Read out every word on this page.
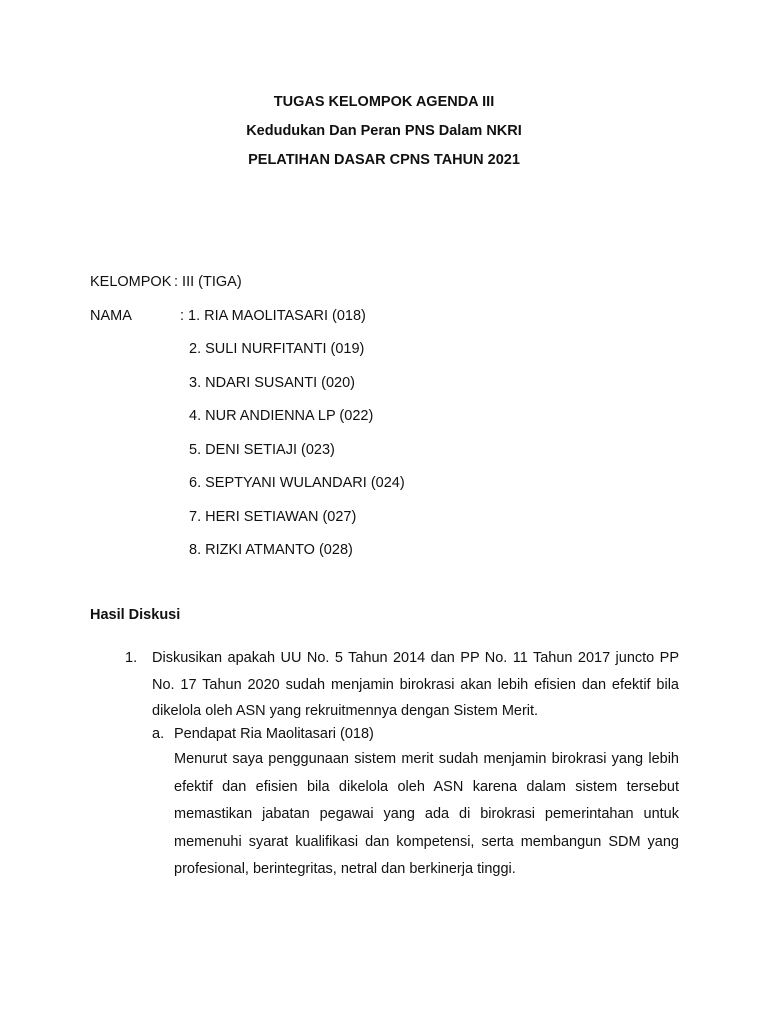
TUGAS KELOMPOK AGENDA III
Kedudukan Dan Peran PNS Dalam NKRI
PELATIHAN DASAR CPNS TAHUN 2021
KELOMPOK : III (TIGA)
NAMA	: 1. RIA MAOLITASARI (018)
2. SULI NURFITANTI (019)
3. NDARI SUSANTI (020)
4. NUR ANDIENNA LP (022)
5. DENI SETIAJI (023)
6. SEPTYANI WULANDARI (024)
7. HERI SETIAWAN (027)
8. RIZKI ATMANTO (028)
Hasil Diskusi
1. Diskusikan apakah UU No. 5 Tahun 2014 dan PP No. 11 Tahun 2017 juncto PP No. 17 Tahun 2020 sudah menjamin birokrasi akan lebih efisien dan efektif bila dikelola oleh ASN yang rekruitmennya dengan Sistem Merit.
a. Pendapat Ria Maolitasari (018)
Menurut saya penggunaan sistem merit sudah menjamin birokrasi yang lebih efektif dan efisien bila dikelola oleh ASN karena dalam sistem tersebut memastikan jabatan pegawai yang ada di birokrasi pemerintahan untuk memenuhi syarat kualifikasi dan kompetensi, serta membangun SDM yang profesional, berintegritas, netral dan berkinerja tinggi.
